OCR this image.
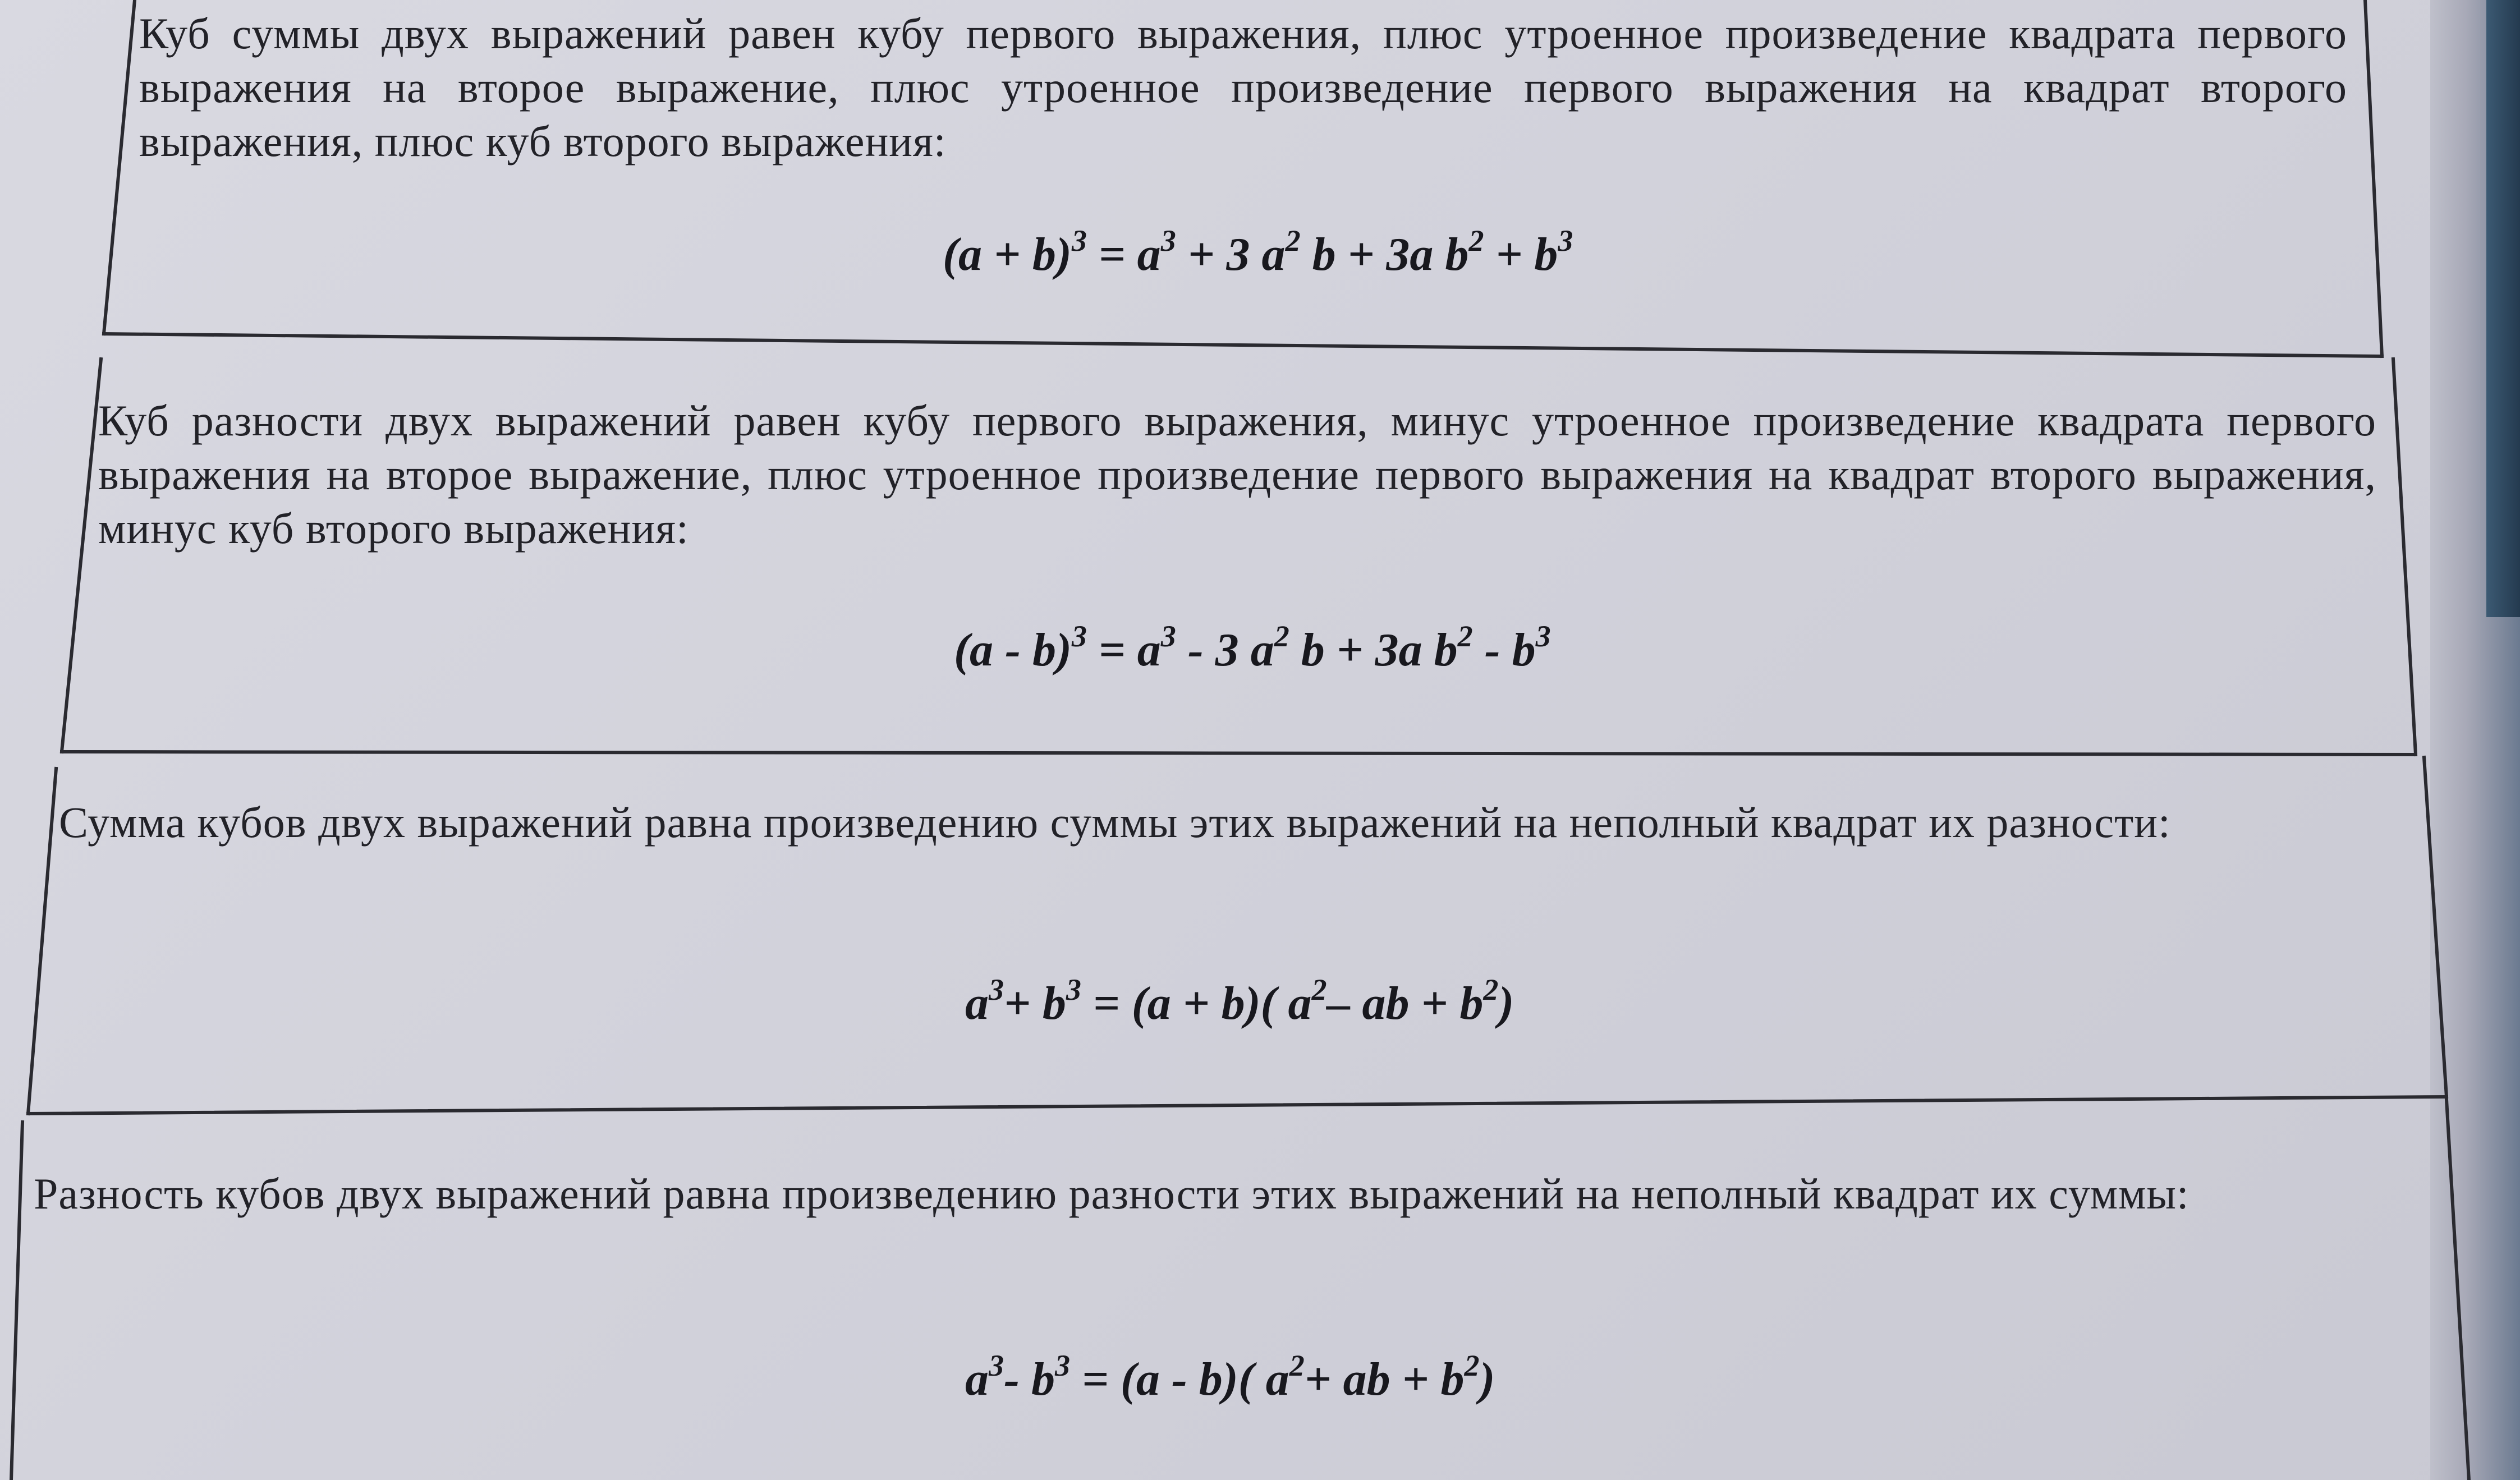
Куб суммы двух выражений равен кубу первого выражения, плюс утроенное произведение квадрата первого выражения на второе выражение, плюс утроенное произведение первого выражения на квадрат второго выражения, плюс куб второго выражения:

$(a + b)^3 = a^3 + 3$ $a^2$ b + 3a $b^2 + b^3$

Куб разности двух выражений равен кубу первого выражения, минус утроенное произведение квадрата первого выражения на второе выражение, плюс утроенное произведение первого выражения на квадрат второго выражения, минус куб второго выражения:

$(a - b)^3 = a^3 - 3$ $a^2$ b + 3a $b^2 - b^3$

Сумма кубов двух выражений равна произведению суммы этих выражений на неполный квадрат их разности:

$a^3+ b^3 = (a + b)$( $a^2-$ ab + $b^2$)

Разность кубов двух выражений равна произведению разности этих выражений на неполный квадрат их суммы:

$a^3-$ $b^3 = (a - b)$( $a^2+$ ab + $b^2$)
